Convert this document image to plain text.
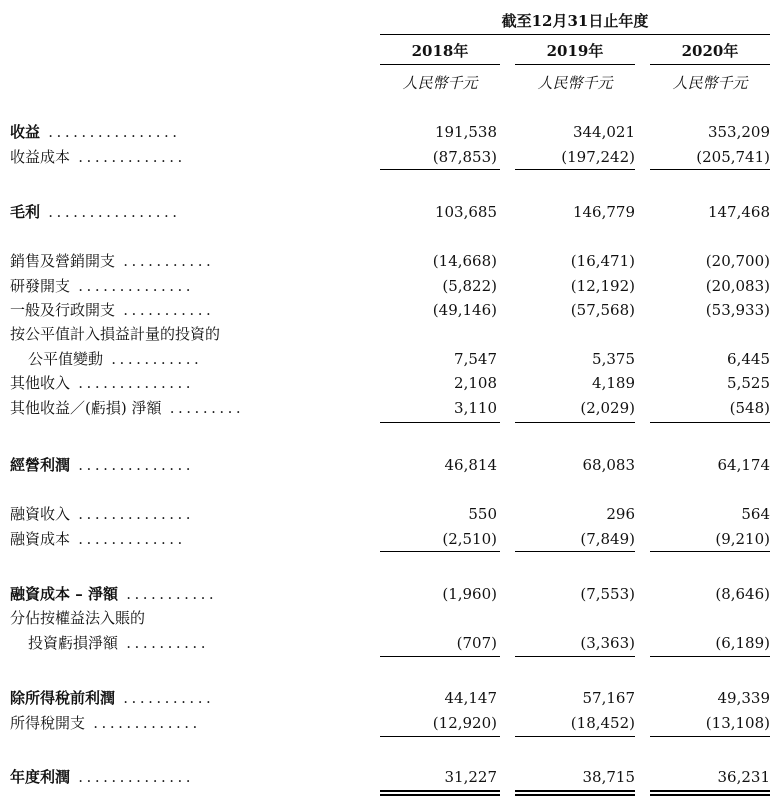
截至12月31日止年度
2018年	2019年	2020年
人民幣千元	人民幣千元	人民幣千元
收益 ................	191,538	344,021	353,209
收益成本 .............	(87,853)	(197,242)	(205,741)
毛利 ................	103,685	146,779	147,468
銷售及營銷開支 ...........	(14,668)	(16,471)	(20,700)
研發開支 ..............	(5,822)	(12,192)	(20,083)
一般及行政開支 ...........	(49,146)	(57,568)	(53,933)
按公平值計入損益計量的投資的
公平值變動 ...........	7,547	5,375	6,445
其他收入 ..............	2,108	4,189	5,525
其他收益／(虧損) 淨額 .........	3,110	(2,029)	(548)
經營利潤 ..............	46,814	68,083	64,174
融資收入 ..............	550	296	564
融資成本 .............	(2,510)	(7,849)	(9,210)
融資成本 – 淨額 ...........	(1,960)	(7,553)	(8,646)
分佔按權益法入賬的
投資虧損淨額 ..........	(707)	(3,363)	(6,189)
除所得稅前利潤 ...........	44,147	57,167	49,339
所得稅開支 .............	(12,920)	(18,452)	(13,108)
年度利潤 ..............	31,227	38,715	36,231
